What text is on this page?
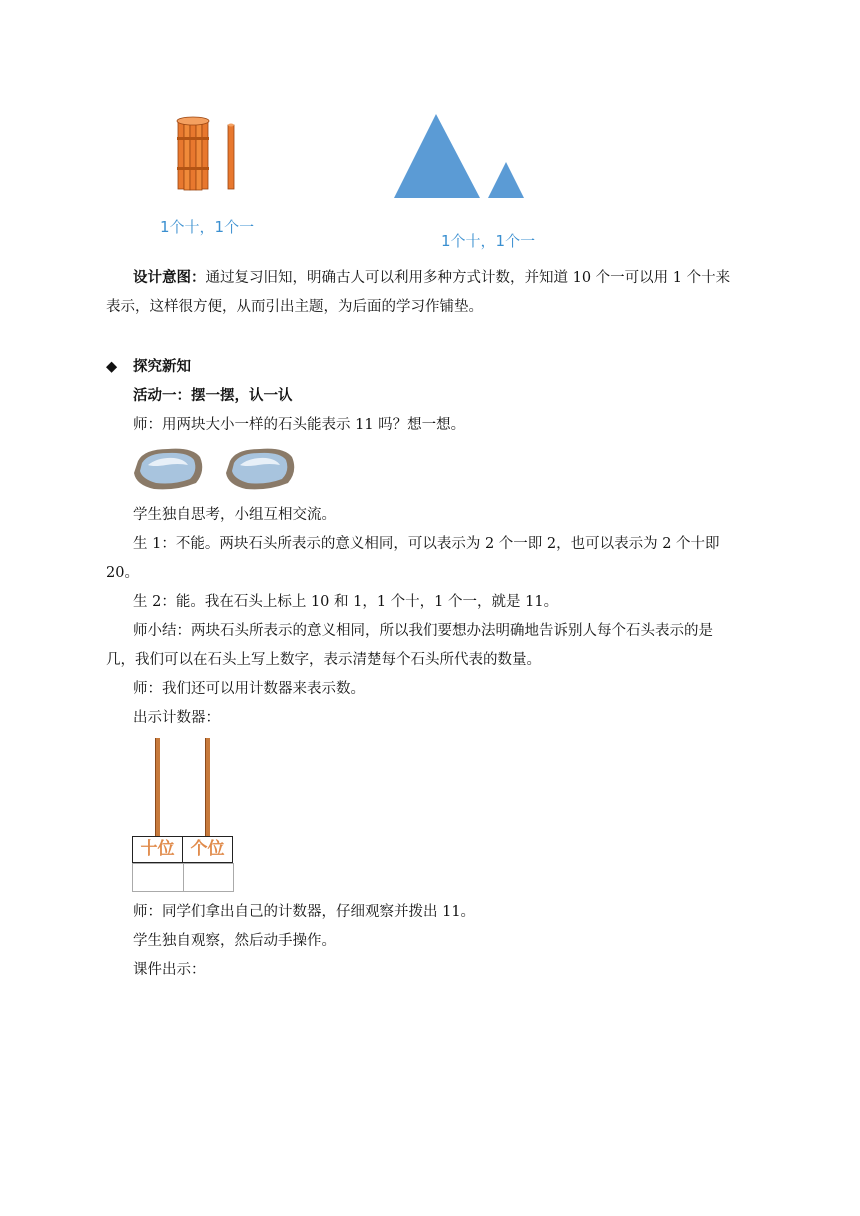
1个十，1个一
1个十，1个一
设计意图：通过复习旧知，明确古人可以利用多种方式计数，并知道 10 个一可以用 1 个十来
表示，这样很方便，从而引出主题，为后面的学习作铺垫。
◆ 探究新知
活动一：摆一摆，认一认
师：用两块大小一样的石头能表示 11 吗？想一想。
学生独自思考，小组互相交流。
生 1：不能。两块石头所表示的意义相同，可以表示为 2 个一即 2，也可以表示为 2 个十即
20。
生 2：能。我在石头上标上 10 和 1，1 个十，1 个一，就是 11。
师小结：两块石头所表示的意义相同，所以我们要想办法明确地告诉别人每个石头表示的是
几，我们可以在石头上写上数字，表示清楚每个石头所代表的数量。
师：我们还可以用计数器来表示数。
出示计数器：
十位 个位
师：同学们拿出自己的计数器，仔细观察并拨出 11。
学生独自观察，然后动手操作。
课件出示：
